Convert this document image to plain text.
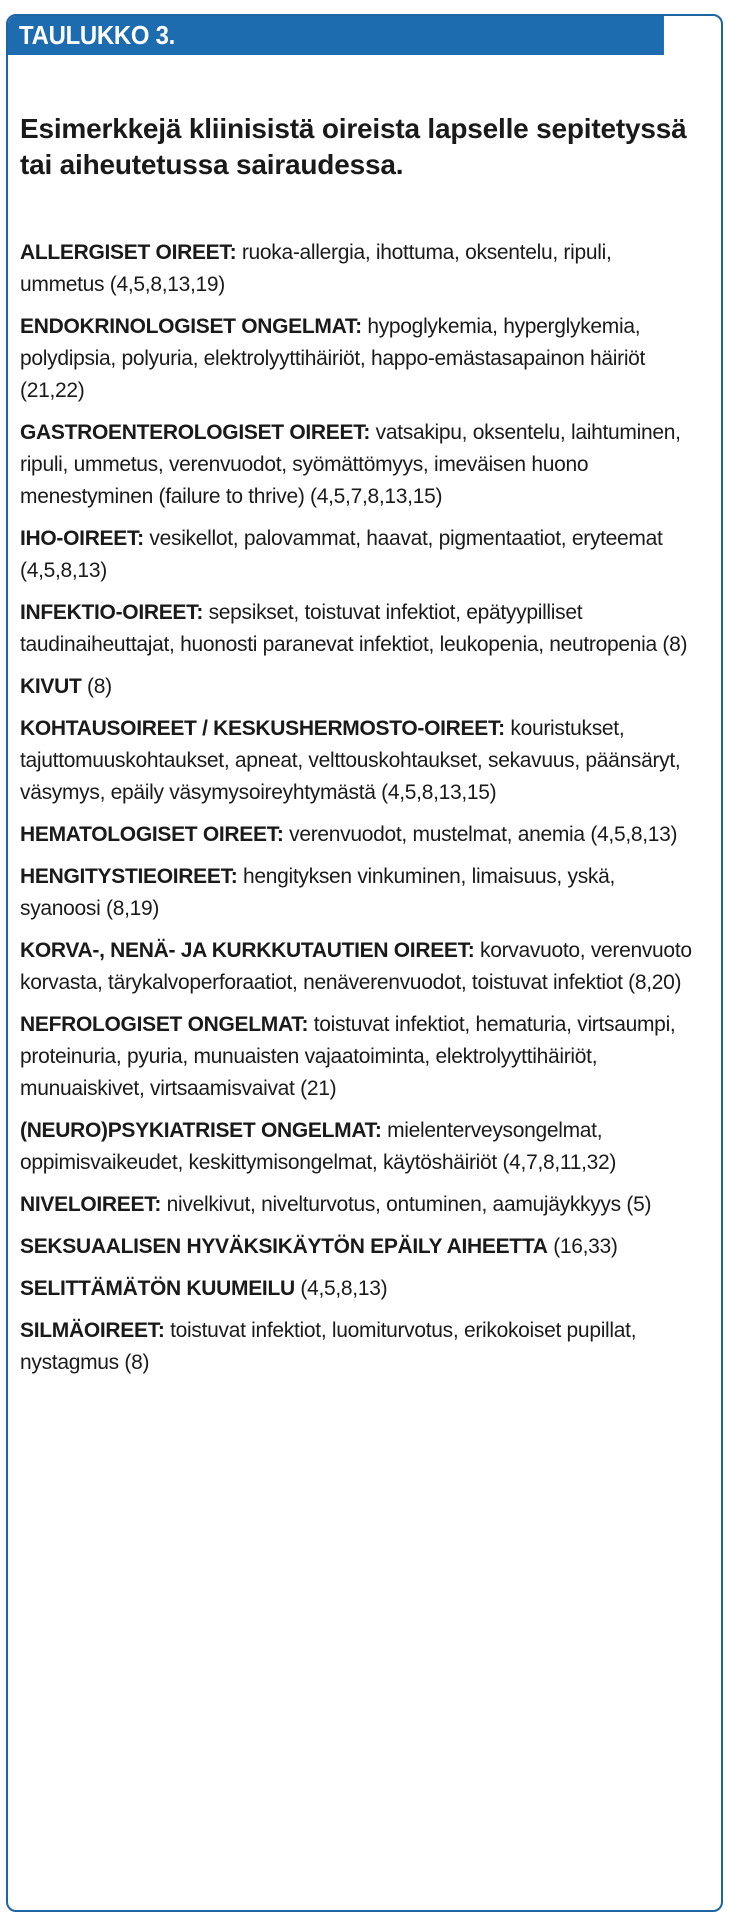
TAULUKKO 3.
Esimerkkejä kliinisistä oireista lapselle sepitetyssä tai aiheutetussa sairaudessa.
ALLERGISET OIREET: ruoka-allergia, ihottuma, oksentelu, ripuli, ummetus (4,5,8,13,19)
ENDOKRINOLOGISET ONGELMAT: hypoglykemia, hyperglykemia, polydipsia, polyuria, elektrolyyttihäiriöt, happo-emästasapainon häiriöt (21,22)
GASTROENTEROLOGISET OIREET: vatsakipu, oksentelu, laihtuminen, ripuli, ummetus, verenvuodot, syömättömyys, imeväisen huono menestyminen (failure to thrive) (4,5,7,8,13,15)
IHO-OIREET: vesikellot, palovammat, haavat, pigmentaatiot, eryteemat (4,5,8,13)
INFEKTIO-OIREET: sepsikset, toistuvat infektiot, epätyypilliset taudinaiheuttajat, huonosti paranevat infektiot, leukopenia, neutropenia (8)
KIVUT (8)
KOHTAUSOIREET / KESKUSHERMOSTO-OIREET: kouristukset, tajuttomuuskohtaukset, apneat, velttouskohtaukset, sekavuus, päänsäryt, väsymys, epäily väsymysoireyhtymästä (4,5,8,13,15)
HEMATOLOGISET OIREET: verenvuodot, mustelmat, anemia (4,5,8,13)
HENGITYSTIEOIREET: hengityksen vinkuminen, limaisuus, yskä, syanoosi (8,19)
KORVA-, NENÄ- JA KURKKUTAUTIEN OIREET: korvavuoto, verenvuoto korvasta, tärykalvoperforaatiot, nenäverenvuodot, toistuvat infektiot (8,20)
NEFROLOGISET ONGELMAT: toistuvat infektiot, hematuria, virtsaumpi, proteinuria, pyuria, munuaisten vajaatoiminta, elektrolyyttihäiriöt, munuaiskivet, virtsaamisvaivat (21)
(NEURO)PSYKIATRISET ONGELMAT: mielenterveysongelmat, oppimisvaikeudet, keskittymisongelmat, käytöshäiriöt (4,7,8,11,32)
NIVELOIREET: nivelkivut, nivelturvotus, ontuminen, aamujäykkyys (5)
SEKSUAALISEN HYVÄKSIKÄYTÖN EPÄILY AIHEETTA (16,33)
SELITTÄMÄTÖN KUUMEILU (4,5,8,13)
SILMÄOIREET: toistuvat infektiot, luomiturvotus, erikokoiset pupillat, nystagmus (8)
